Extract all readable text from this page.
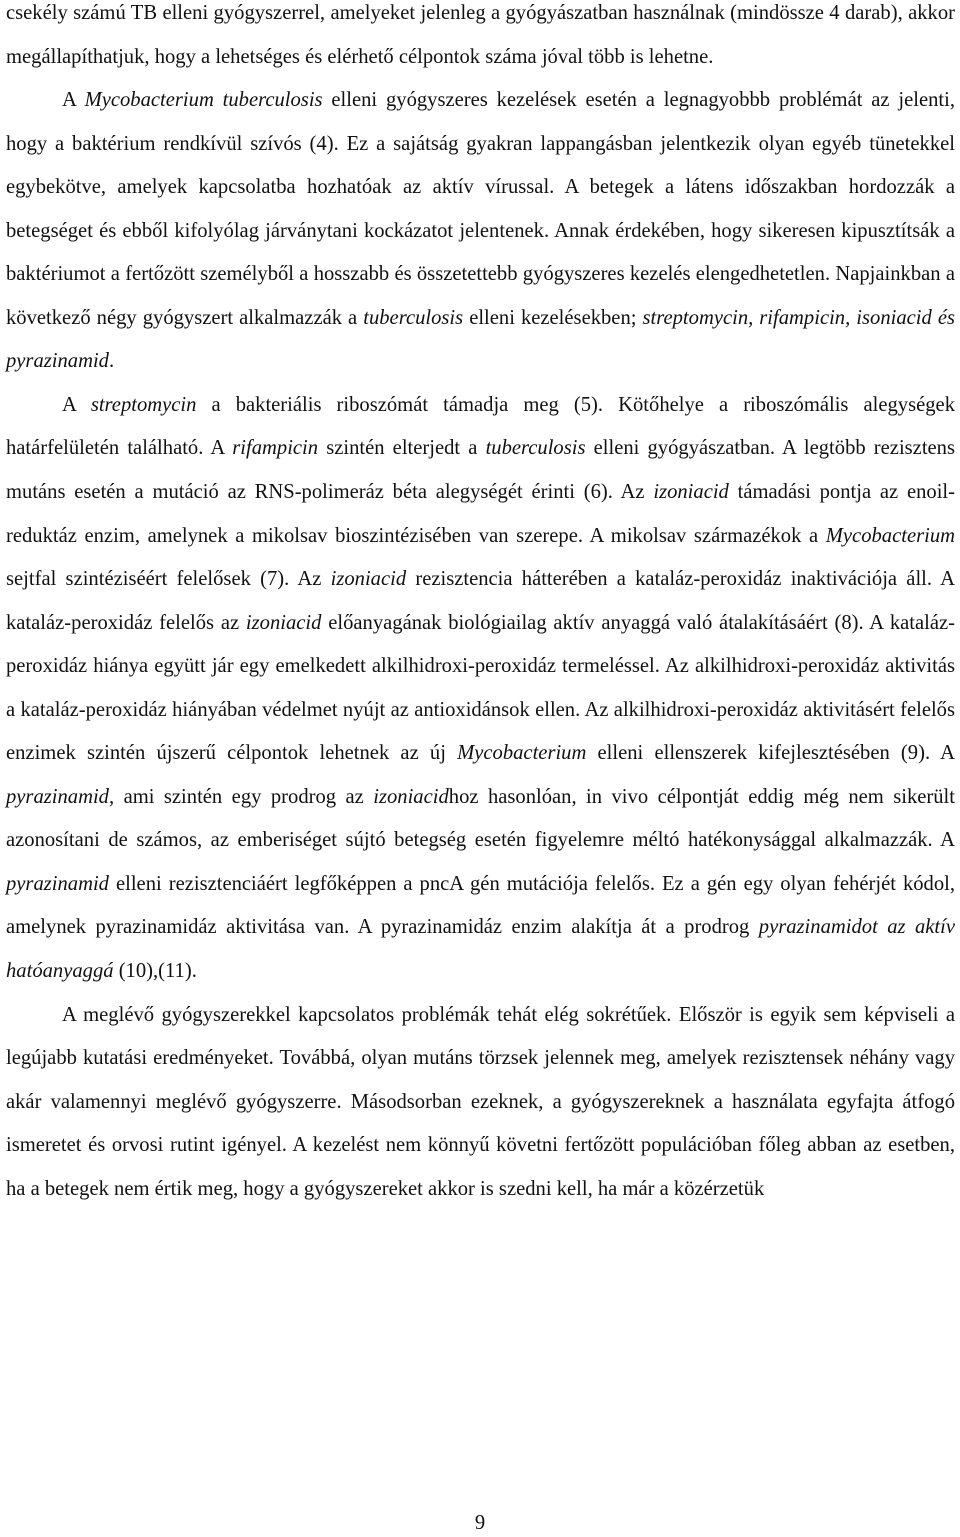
csekély számú TB elleni gyógyszerrel, amelyeket jelenleg a gyógyászatban használnak (mindössze 4 darab), akkor megállapíthatjuk, hogy a lehetséges és elérhető célpontok száma jóval több is lehetne.

A Mycobacterium tuberculosis elleni gyógyszeres kezelések esetén a legnagyobbb problémát az jelenti, hogy a baktérium rendkívül szívós (4). Ez a sajátság gyakran lappangásban jelentkezik olyan egyéb tünetekkel egybekötve, amelyek kapcsolatba hozhatóak az aktív vírussal. A betegek a látens időszakban hordozzák a betegséget és ebből kifolyólag járványtani kockázatot jelentenek. Annak érdekében, hogy sikeresen kipusztítsák a baktériumot a fertőzött személyből a hosszabb és összetettebb gyógyszeres kezelés elengedhetetlen. Napjainkban a következő négy gyógyszert alkalmazzák a tuberculosis elleni kezelésekben; streptomycin, rifampicin, isoniacid és pyrazinamid.

A streptomycin a bakteriális riboszómát támadja meg (5). Kötőhelye a riboszómális alegységek határfelületén található. A rifampicin szintén elterjedt a tuberculosis elleni gyógyászatban. A legtöbb rezisztens mutáns esetén a mutáció az RNS-polimeráz béta alegységét érinti (6). Az izoniacid támadási pontja az enoil-reduktáz enzim, amelynek a mikolsav bioszintézisében van szerepe. A mikolsav származékok a Mycobacterium sejtfal szintéziséért felelősek (7). Az izoniacid rezisztencia hátterében a kataláz-peroxidáz inaktivációja áll. A kataláz-peroxidáz felelős az izoniacid előanyagának biológiailag aktív anyaggá való átalakításáért (8). A kataláz-peroxidáz hiánya együtt jár egy emelkedett alkilhidroxi-peroxidáz termeléssel. Az alkilhidroxi-peroxidáz aktivitás a kataláz-peroxidáz hiányában védelmet nyújt az antioxidánsok ellen. Az alkilhidroxi-peroxidáz aktivitásért felelős enzimek szintén újszerű célpontok lehetnek az új Mycobacterium elleni ellenszerek kifejlesztésében (9). A pyrazinamid, ami szintén egy prodrog az izoniacidhoz hasonlóan, in vivo célpontját eddig még nem sikerült azonosítani de számos, az emberiséget sújtó betegség esetén figyelemre méltó hatékonysággal alkalmazzák. A pyrazinamid elleni rezisztenciáért legfőképpen a pncA gén mutációja felelős. Ez a gén egy olyan fehérjét kódol, amelynek pyrazinamidáz aktivitása van. A pyrazinamidáz enzim alakítja át a prodrog pyrazinamidot az aktív hatóanyaggá (10),(11).

A meglévő gyógyszerekkel kapcsolatos problémák tehát elég sokrétűek. Először is egyik sem képviseli a legújabb kutatási eredményeket. Továbbá, olyan mutáns törzsek jelennek meg, amelyek rezisztensek néhány vagy akár valamennyi meglévő gyógyszerre. Másodsorban ezeknek, a gyógyszereknek a használata egyfajta átfogó ismeretet és orvosi rutint igényel. A kezelést nem könnyű követni fertőzött populációban főleg abban az esetben, ha a betegek nem értik meg, hogy a gyógyszereket akkor is szedni kell, ha már a közérzetük

9
